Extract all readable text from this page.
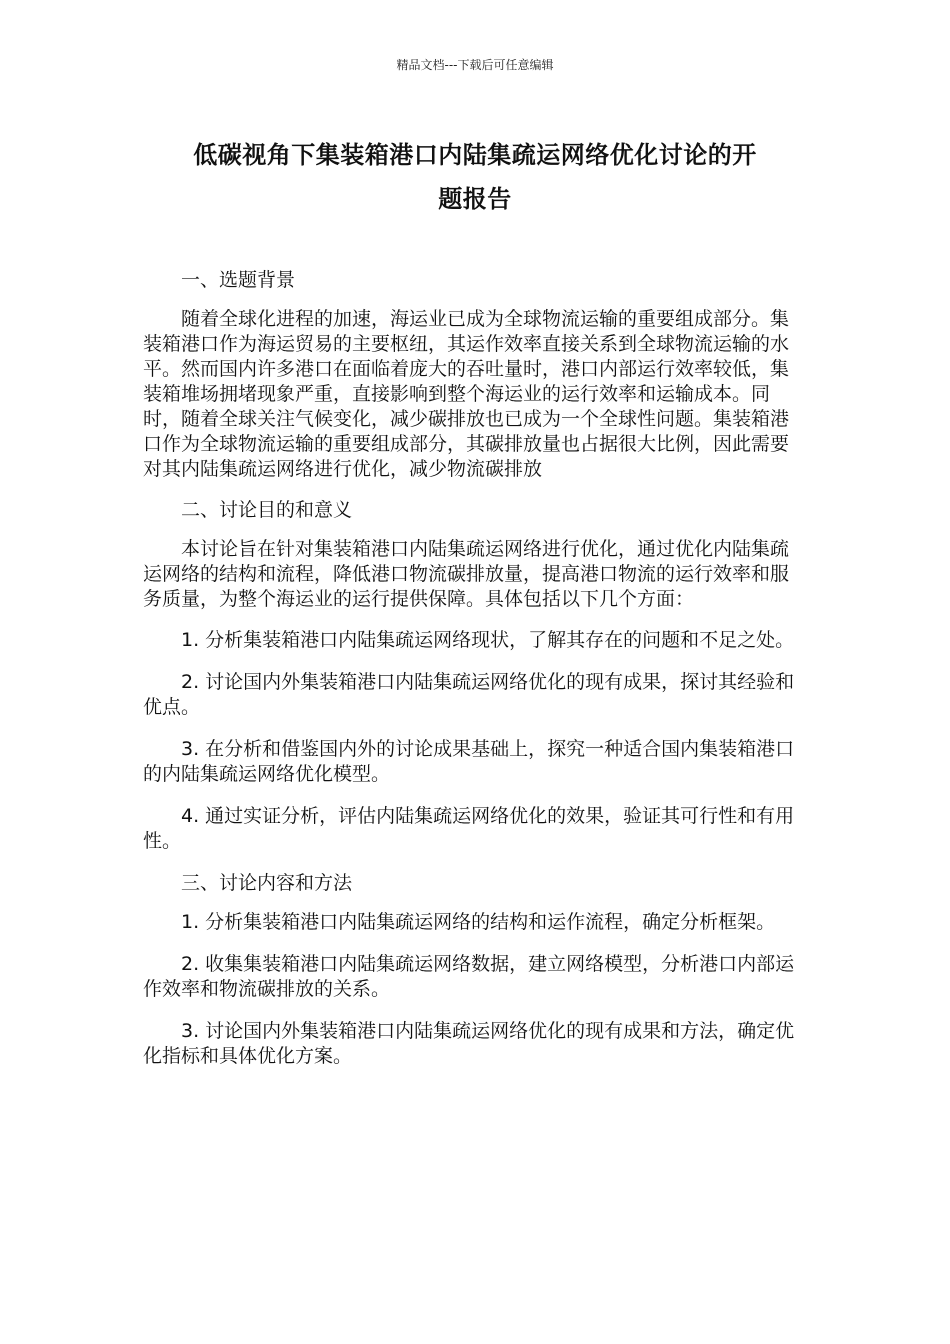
精品文档---下载后可任意编辑
低碳视角下集装箱港口内陆集疏运网络优化讨论的开
题报告

一、选题背景

随着全球化进程的加速，海运业已成为全球物流运输的重要组成部分。集装箱港口作为海运贸易的主要枢纽，其运作效率直接关系到全球物流运输的水平。然而国内许多港口在面临着庞大的吞吐量时，港口内部运行效率较低，集装箱堆场拥堵现象严重，直接影响到整个海运业的运行效率和运输成本。同时，随着全球关注气候变化，减少碳排放也已成为一个全球性问题。集装箱港口作为全球物流运输的重要组成部分，其碳排放量也占据很大比例，因此需要对其内陆集疏运网络进行优化，减少物流碳排放

二、讨论目的和意义

本讨论旨在针对集装箱港口内陆集疏运网络进行优化，通过优化内陆集疏运网络的结构和流程，降低港口物流碳排放量，提高港口物流的运行效率和服务质量，为整个海运业的运行提供保障。具体包括以下几个方面：

1. 分析集装箱港口内陆集疏运网络现状，了解其存在的问题和不足之处。

2. 讨论国内外集装箱港口内陆集疏运网络优化的现有成果，探讨其经验和优点。

3. 在分析和借鉴国内外的讨论成果基础上，探究一种适合国内集装箱港口的内陆集疏运网络优化模型。

4. 通过实证分析，评估内陆集疏运网络优化的效果，验证其可行性和有用性。

三、讨论内容和方法

1. 分析集装箱港口内陆集疏运网络的结构和运作流程，确定分析框架。

2. 收集集装箱港口内陆集疏运网络数据，建立网络模型，分析港口内部运作效率和物流碳排放的关系。

3. 讨论国内外集装箱港口内陆集疏运网络优化的现有成果和方法，确定优化指标和具体优化方案。
